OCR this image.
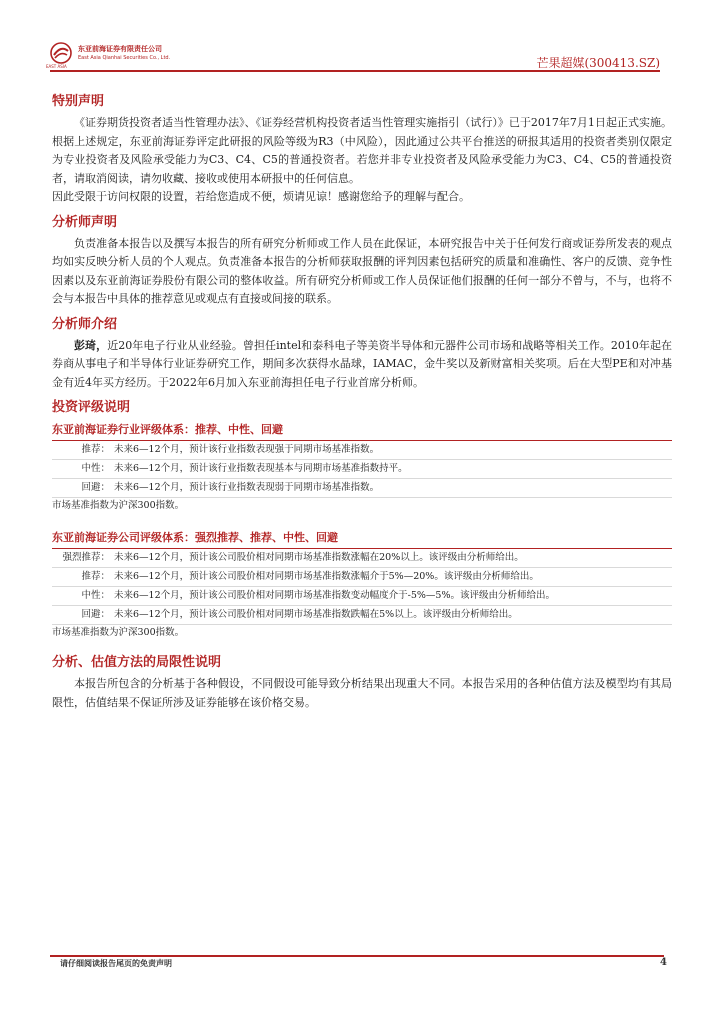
东亚前海证券有限责任公司
East Asia Qianhai Securities Co., Ltd.
EAST ASIA	芒果超媒(300413.SZ)
特别声明

《证券期货投资者适当性管理办法》、《证券经营机构投资者适当性管理实施指引（试行）》已于2017年7月1日起正式实施。根据上述规定，东亚前海证券评定此研报的风险等级为R3（中风险），因此通过公共平台推送的研报其适用的投资者类别仅限定为专业投资者及风险承受能力为C3、C4、C5的普通投资者。若您并非专业投资者及风险承受能力为C3、C4、C5的普通投资者，请取消阅读，请勿收藏、接收或使用本研报中的任何信息。

因此受限于访问权限的设置，若给您造成不便，烦请见谅！感谢您给予的理解与配合。

分析师声明

负责准备本报告以及撰写本报告的所有研究分析师或工作人员在此保证，本研究报告中关于任何发行商或证券所发表的观点均如实反映分析人员的个人观点。负责准备本报告的分析师获取报酬的评判因素包括研究的质量和准确性、客户的反馈、竞争性因素以及东亚前海证券股份有限公司的整体收益。所有研究分析师或工作人员保证他们报酬的任何一部分不曾与，不与，也将不会与本报告中具体的推荐意见或观点有直接或间接的联系。

分析师介绍

彭琦，近20年电子行业从业经验。曾担任intel和泰科电子等美资半导体和元器件公司市场和战略等相关工作。2010年起在券商从事电子和半导体行业证券研究工作，期间多次获得水晶球，IAMAC，金牛奖以及新财富相关奖项。后在大型PE和对冲基金有近4年买方经历。于2022年6月加入东亚前海担任电子行业首席分析师。

投资评级说明
东亚前海证券行业评级体系：推荐、中性、回避
推荐： 未来6—12个月，预计该行业指数表现强于同期市场基准指数。
中性： 未来6—12个月，预计该行业指数表现基本与同期市场基准指数持平。
回避： 未来6—12个月，预计该行业指数表现弱于同期市场基准指数。
市场基准指数为沪深300指数。
东亚前海证券公司评级体系：强烈推荐、推荐、中性、回避
强烈推荐： 未来6—12个月，预计该公司股价相对同期市场基准指数涨幅在20%以上。该评级由分析师给出。
推荐： 未来6—12个月，预计该公司股价相对同期市场基准指数涨幅介于5%—20%。该评级由分析师给出。
中性： 未来6—12个月，预计该公司股价相对同期市场基准指数变动幅度介于-5%—5%。该评级由分析师给出。
回避： 未来6—12个月，预计该公司股价相对同期市场基准指数跌幅在5%以上。该评级由分析师给出。
市场基准指数为沪深300指数。
分析、估值方法的局限性说明

本报告所包含的分析基于各种假设，不同假设可能导致分析结果出现重大不同。本报告采用的各种估值方法及模型均有其局限性，估值结果不保证所涉及证券能够在该价格交易。

请仔细阅读报告尾页的免责声明	4
